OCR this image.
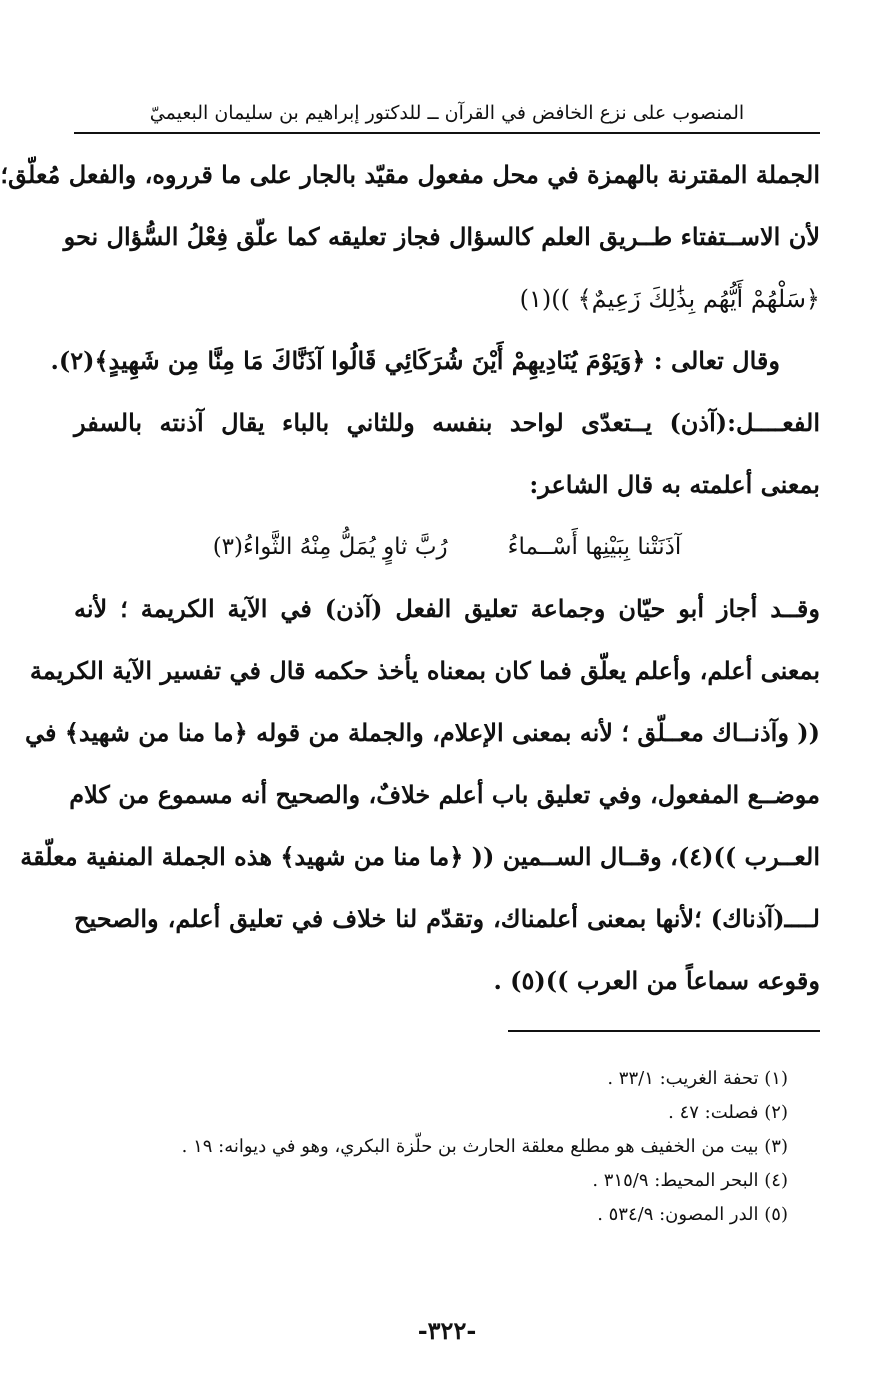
المنصوب على نزع الخافض في القرآن ــ للدكتور إبراهيم بن سليمان البعيميّ
الجملة المقترنة بالهمزة في محل مفعول مقيّد بالجار على ما قرروه، والفعل مُعلّق؛
لأن الاســتفتاء طــريق العلم كالسؤال فجاز تعليقه كما علّق فِعْلُ السُّؤال نحو
﴿سَلْهُمْ أَيُّهُم بِذَٰلِكَ زَعِيمٌ﴾ ))(١)
وقال تعالى : ﴿وَيَوْمَ يُنَادِيهِمْ أَيْنَ شُرَكَائِي قَالُوا آذَنَّاكَ مَا مِنَّا مِن شَهِيدٍ﴾(٢).
الفعــــل:(آذن) يــتعدّى لواحد بنفسه وللثاني بالباء يقال آذنته بالسفر
بمعنى أعلمته به قال الشاعر:
آذَنَتْنا بِبَيْنِها أَسْــماءُرُبَّ ثاوٍ يُمَلُّ مِنْهُ الثَّواءُ(٣)
وقــد أجاز أبو حيّان وجماعة تعليق الفعل (آذن) في الآية الكريمة ؛ لأنه
بمعنى أعلم، وأعلم يعلّق فما كان بمعناه يأخذ حكمه قال في تفسير الآية الكريمة
(( وآذنــاك معــلّق ؛ لأنه بمعنى الإعلام، والجملة من قوله ﴿ما منا من شهيد﴾ في
موضــع المفعول، وفي تعليق باب أعلم خلافٌ، والصحيح أنه مسموع من كلام
العــرب ))(٤)، وقــال الســمين (( ﴿ما منا من شهيد﴾ هذه الجملة المنفية معلّقة
لــــ(آذناك) ؛لأنها بمعنى أعلمناك، وتقدّم لنا خلاف في تعليق أعلم، والصحيح
وقوعه سماعاً من العرب ))(٥) .
(١) تحفة الغريب: ٣٣/١ .
(٢) فصلت: ٤٧ .
(٣) بيت من الخفيف هو مطلع معلقة الحارث بن حلّزة البكري، وهو في ديوانه: ١٩ .
(٤) البحر المحيط: ٣١٥/٩ .
(٥) الدر المصون: ٥٣٤/٩ .
-٣٢٢-
